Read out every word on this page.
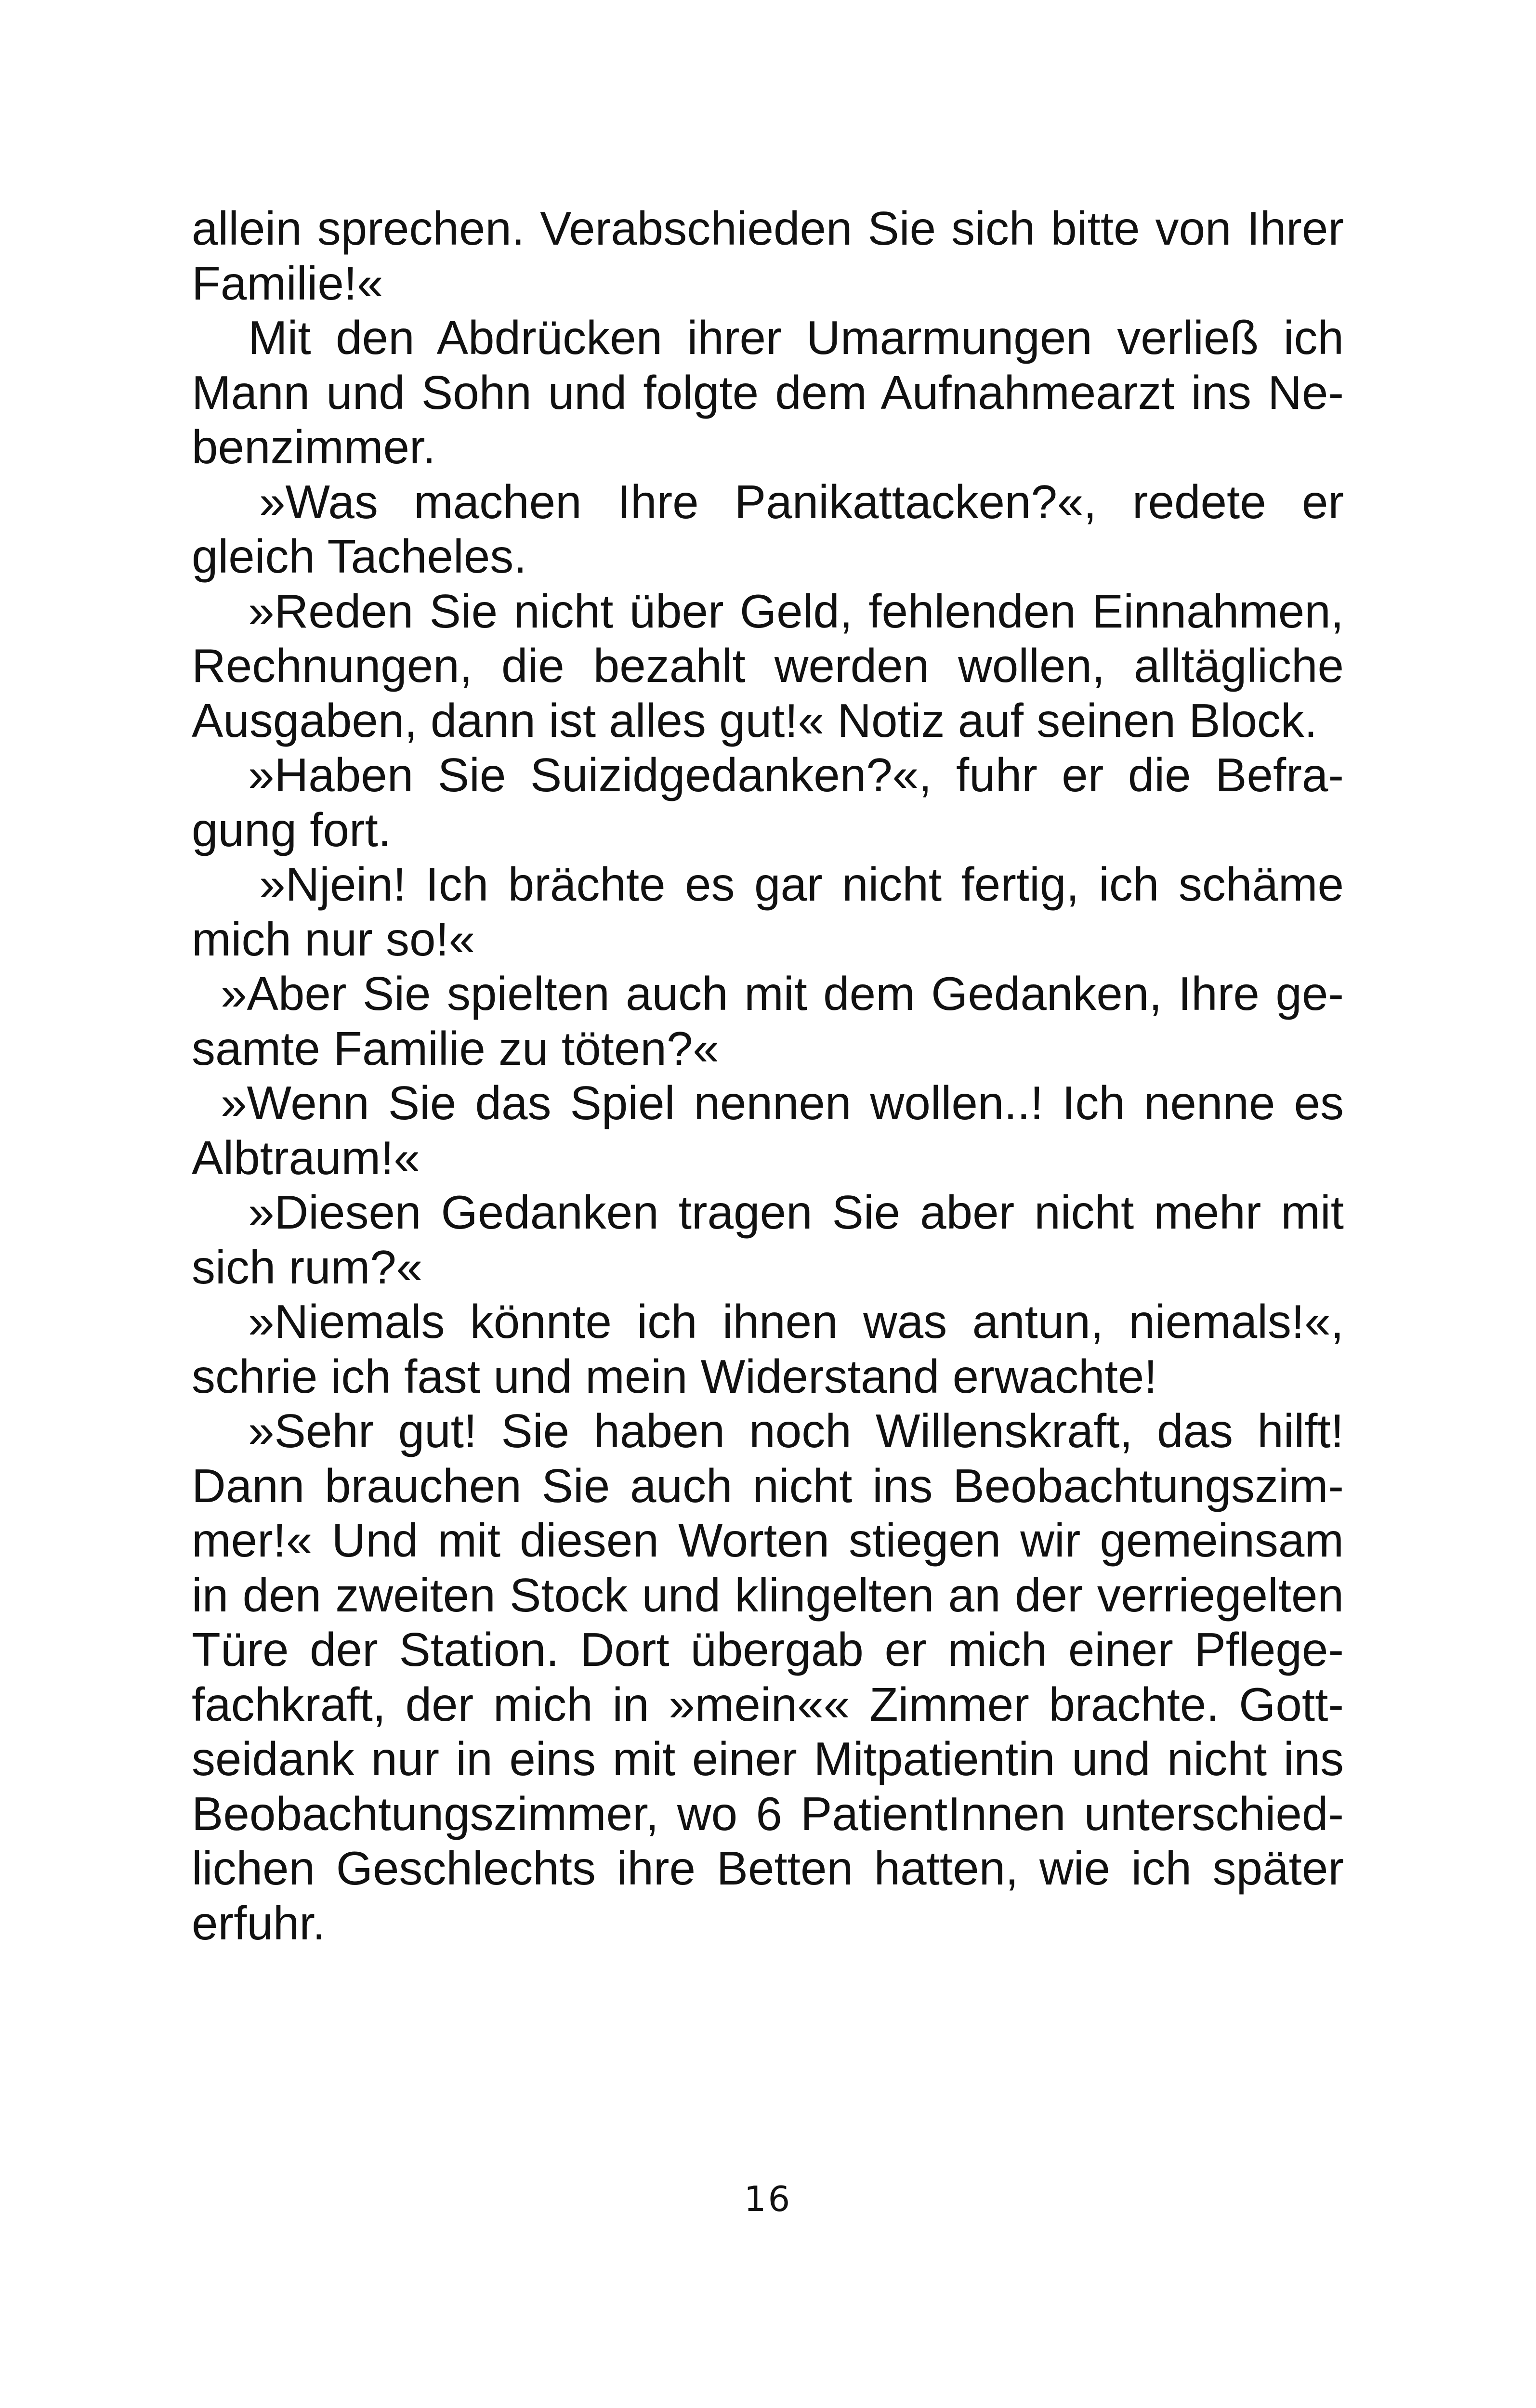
allein sprechen. Verabschieden Sie sich bitte von Ihrer Familie!«

Mit den Abdrücken ihrer Umarmungen verließ ich Mann und Sohn und folgte dem Aufnahmearzt ins Nebenzimmer.

»Was machen Ihre Panikattacken?«, redete er gleich Tacheles.

»Reden Sie nicht über Geld, fehlenden Einnahmen, Rechnungen, die bezahlt werden wollen, alltägliche Ausgaben, dann ist alles gut!« Notiz auf seinen Block.

»Haben Sie Suizidgedanken?«, fuhr er die Befragung fort.

»Njein! Ich brächte es gar nicht fertig, ich schäme mich nur so!«

»Aber Sie spielten auch mit dem Gedanken, Ihre gesamte Familie zu töten?«

»Wenn Sie das Spiel nennen wollen..! Ich nenne es Albtraum!«

»Diesen Gedanken tragen Sie aber nicht mehr mit sich rum?«

»Niemals könnte ich ihnen was antun, niemals!«, schrie ich fast und mein Widerstand erwachte!

»Sehr gut! Sie haben noch Willenskraft, das hilft! Dann brauchen Sie auch nicht ins Beobachtungszimmer!« Und mit diesen Worten stiegen wir gemeinsam in den zweiten Stock und klingelten an der verriegelten Türe der Station. Dort übergab er mich einer Pflegefachkraft, der mich in »mein«« Zimmer brachte. Gottseidank nur in eins mit einer Mitpatientin und nicht ins Beobachtungszimmer, wo 6 PatientInnen unterschiedlichen Geschlechts ihre Betten hatten, wie ich später erfuhr.

16
